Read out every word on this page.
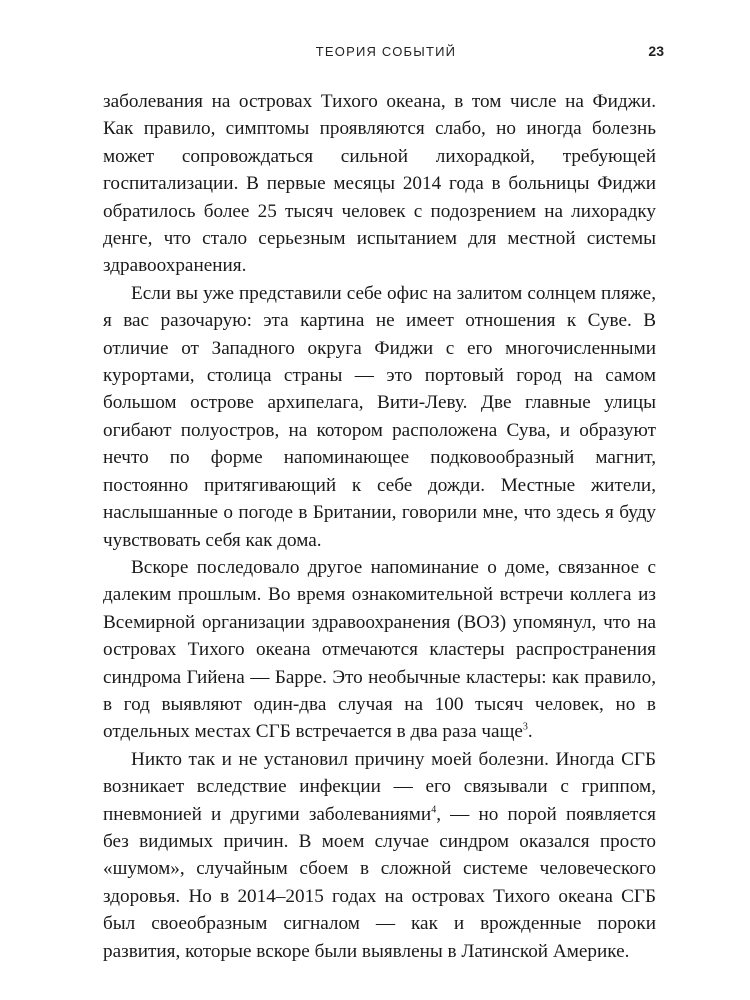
ТЕОРИЯ СОБЫТИЙ	23

заболевания на островах Тихого океана, в том числе на Фиджи. Как правило, симптомы проявляются слабо, но иногда болезнь может сопровождаться сильной лихорадкой, требующей госпитализации. В первые месяцы 2014 года в больницы Фиджи обратилось более 25 тысяч человек с подозрением на лихорадку денге, что стало серьезным испытанием для местной системы здравоохранения.

Если вы уже представили себе офис на залитом солнцем пляже, я вас разочарую: эта картина не имеет отношения к Суве. В отличие от Западного округа Фиджи с его многочисленными курортами, столица страны — это портовый город на самом большом острове архипелага, Вити-Леву. Две главные улицы огибают полуостров, на котором расположена Сува, и образуют нечто по форме напоминающее подковообразный магнит, постоянно притягивающий к себе дожди. Местные жители, наслышанные о погоде в Британии, говорили мне, что здесь я буду чувствовать себя как дома.

Вскоре последовало другое напоминание о доме, связанное с далеким прошлым. Во время ознакомительной встречи коллега из Всемирной организации здравоохранения (ВОЗ) упомянул, что на островах Тихого океана отмечаются кластеры распространения синдрома Гийена — Барре. Это необычные кластеры: как правило, в год выявляют один-два случая на 100 тысяч человек, но в отдельных местах СГБ встречается в два раза чаще$^3$.

Никто так и не установил причину моей болезни. Иногда СГБ возникает вследствие инфекции — его связывали с гриппом, пневмонией и другими заболеваниями$^4$, — но порой появляется без видимых причин. В моем случае синдром оказался просто «шумом», случайным сбоем в сложной системе человеческого здоровья. Но в 2014–2015 годах на островах Тихого океана СГБ был своеобразным сигналом — как и врожденные пороки развития, которые вскоре были выявлены в Латинской Америке.
